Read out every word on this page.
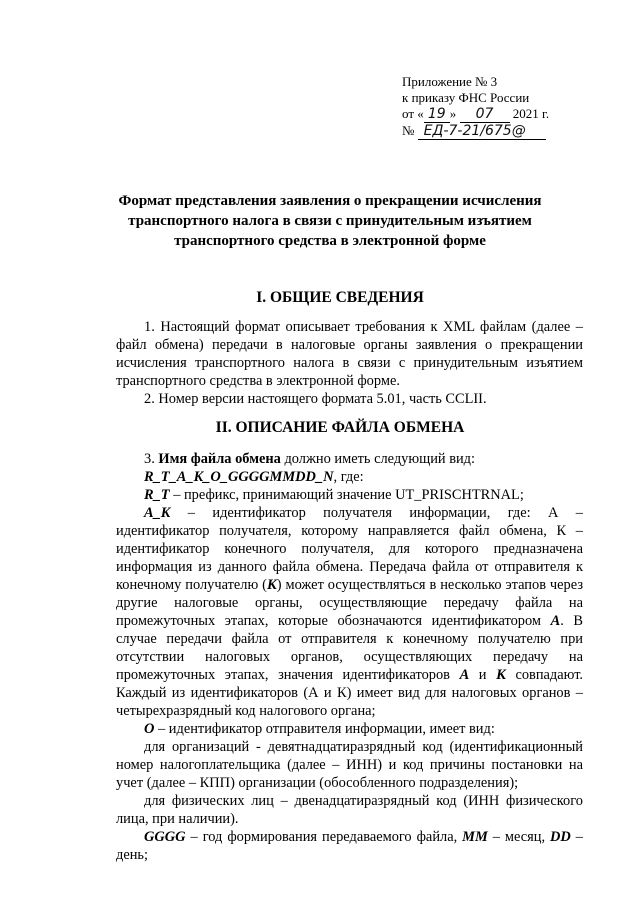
Приложение № 3
к приказу ФНС России
от « 19 » 07 2021 г.
№ ЕД-7-21/675@
Формат представления заявления о прекращении исчисления
транспортного налога в связи с принудительным изъятием
транспортного средства в электронной форме
I. ОБЩИЕ СВЕДЕНИЯ

1. Настоящий формат описывает требования к XML файлам (далее – файл обмена) передачи в налоговые органы заявления о прекращении исчисления транспортного налога в связи с принудительным изъятием транспортного средства в электронной форме.

2. Номер версии настоящего формата 5.01, часть CCLII.

II. ОПИСАНИЕ ФАЙЛА ОБМЕНА

3. Имя файла обмена должно иметь следующий вид:

R_T_A_K_O_GGGGMMDD_N, где:

R_T – префикс, принимающий значение UT_PRISCHTRNAL;

A_K – идентификатор получателя информации, где: А – идентификатор получателя, которому направляется файл обмена, К – идентификатор конечного получателя, для которого предназначена информация из данного файла обмена. Передача файла от отправителя к конечному получателю (К) может осуществляться в несколько этапов через другие налоговые органы, осуществляющие передачу файла на промежуточных этапах, которые обозначаются идентификатором А. В случае передачи файла от отправителя к конечному получателю при отсутствии налоговых органов, осуществляющих передачу на промежуточных этапах, значения идентификаторов А и К совпадают. Каждый из идентификаторов (А и К) имеет вид для налоговых органов – четырехразрядный код налогового органа;

О – идентификатор отправителя информации, имеет вид:

для организаций - девятнадцатиразрядный код (идентификационный номер налогоплательщика (далее – ИНН) и код причины постановки на учет (далее – КПП) организации (обособленного подразделения);

для физических лиц – двенадцатиразрядный код (ИНН физического лица, при наличии).

GGGG – год формирования передаваемого файла, ММ – месяц, DD – день;
